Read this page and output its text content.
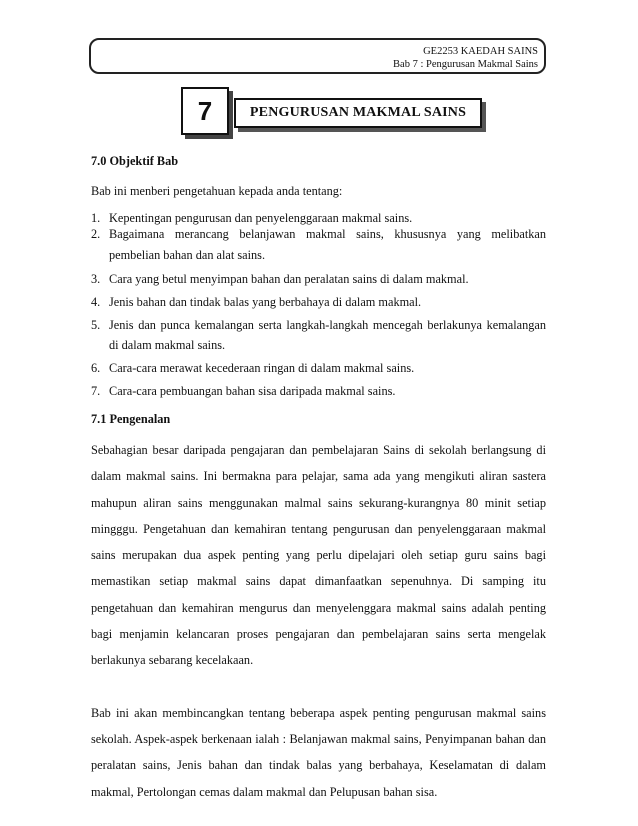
GE2253 KAEDAH SAINS
Bab 7 : Pengurusan Makmal Sains
7	PENGURUSAN MAKMAL SAINS

7.0 Objektif Bab

Bab ini menberi pengetahuan kepada anda tentang:

1. Kepentingan pengurusan dan penyelenggaraan makmal sains.
2. Bagaimana merancang belanjawan makmal sains, khususnya yang melibatkan pembelian bahan dan alat sains.
3. Cara yang betul menyimpan bahan dan peralatan sains di dalam makmal.
4. Jenis bahan dan tindak balas yang berbahaya di dalam makmal.
5. Jenis dan punca kemalangan serta langkah-langkah mencegah berlakunya kemalangan di dalam makmal sains.
6. Cara-cara merawat kecederaan ringan di dalam makmal sains.
7. Cara-cara pembuangan bahan sisa daripada makmal sains.

7.1 Pengenalan

Sebahagian besar daripada pengajaran dan pembelajaran Sains di sekolah berlangsung di dalam makmal sains. Ini bermakna para pelajar, sama ada yang mengikuti aliran sastera mahupun aliran sains menggunakan malmal sains sekurang-kurangnya 80 minit setiap mingggu. Pengetahuan dan kemahiran tentang pengurusan dan penyelenggaraan makmal sains merupakan dua aspek penting yang perlu dipelajari oleh setiap guru sains bagi memastikan setiap makmal sains dapat dimanfaatkan sepenuhnya. Di samping itu pengetahuan dan kemahiran mengurus dan menyelenggara makmal sains adalah penting bagi menjamin kelancaran proses pengajaran dan pembelajaran sains serta mengelak berlakunya sebarang kecelakaan.

Bab ini akan membincangkan tentang beberapa aspek penting pengurusan makmal sains sekolah. Aspek-aspek berkenaan ialah : Belanjawan makmal sains, Penyimpanan bahan dan peralatan sains, Jenis bahan dan tindak balas yang berbahaya, Keselamatan di dalam makmal, Pertolongan cemas dalam makmal dan Pelupusan bahan sisa.
